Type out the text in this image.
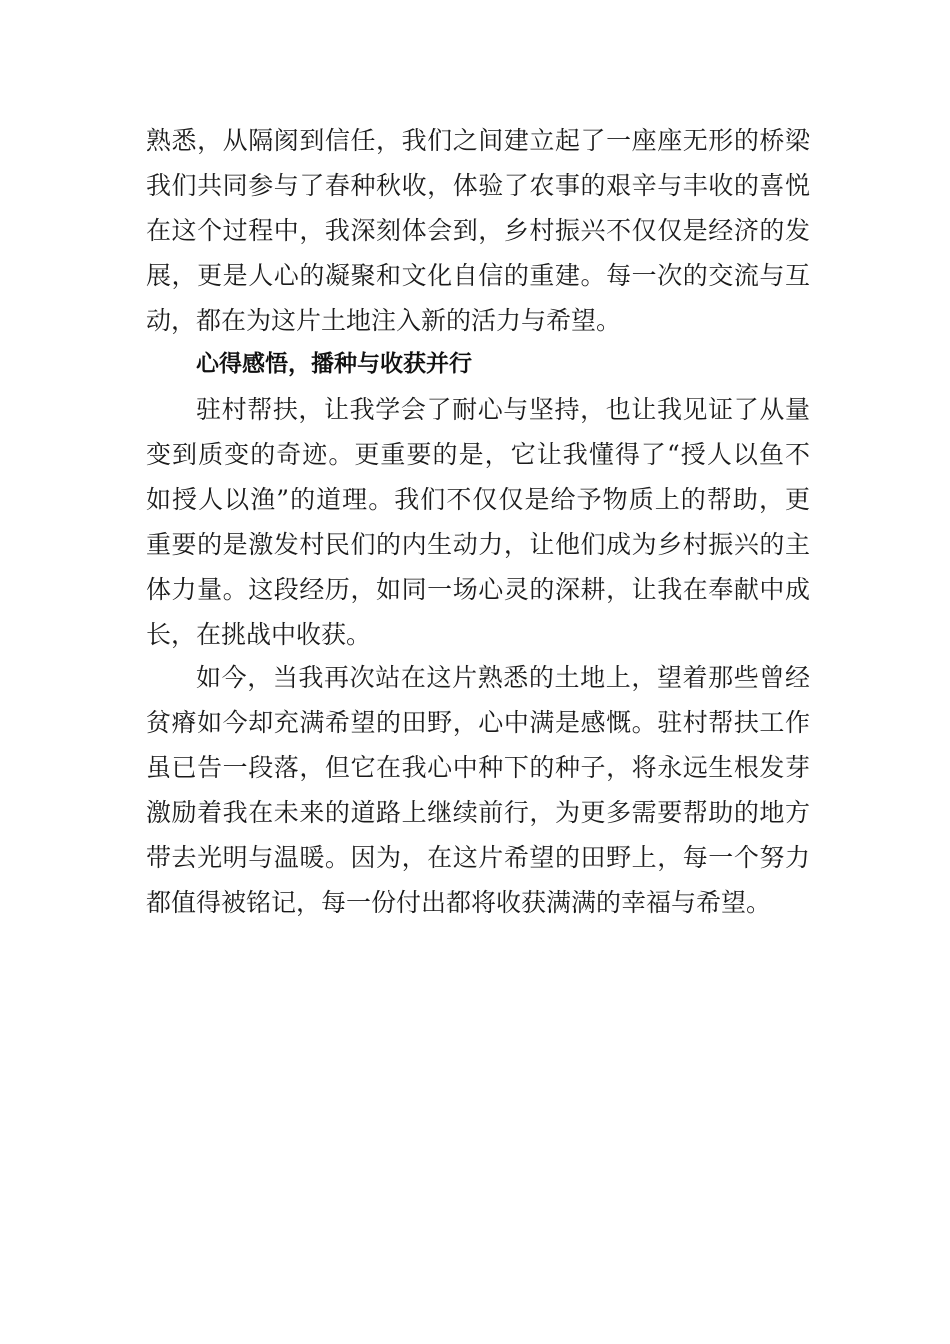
熟悉，从隔阂到信任，我们之间建立起了一座座无形的桥梁
我们共同参与了春种秋收，体验了农事的艰辛与丰收的喜悦
在这个过程中，我深刻体会到，乡村振兴不仅仅是经济的发
展，更是人心的凝聚和文化自信的重建。每一次的交流与互
动，都在为这片土地注入新的活力与希望。
心得感悟，播种与收获并行
驻村帮扶，让我学会了耐心与坚持，也让我见证了从量
变到质变的奇迹。更重要的是，它让我懂得了“授人以鱼不
如授人以渔”的道理。我们不仅仅是给予物质上的帮助，更
重要的是激发村民们的内生动力，让他们成为乡村振兴的主
体力量。这段经历，如同一场心灵的深耕，让我在奉献中成
长，在挑战中收获。
如今，当我再次站在这片熟悉的土地上，望着那些曾经
贫瘠如今却充满希望的田野，心中满是感慨。驻村帮扶工作
虽已告一段落，但它在我心中种下的种子，将永远生根发芽
激励着我在未来的道路上继续前行，为更多需要帮助的地方
带去光明与温暖。因为，在这片希望的田野上，每一个努力
都值得被铭记，每一份付出都将收获满满的幸福与希望。
